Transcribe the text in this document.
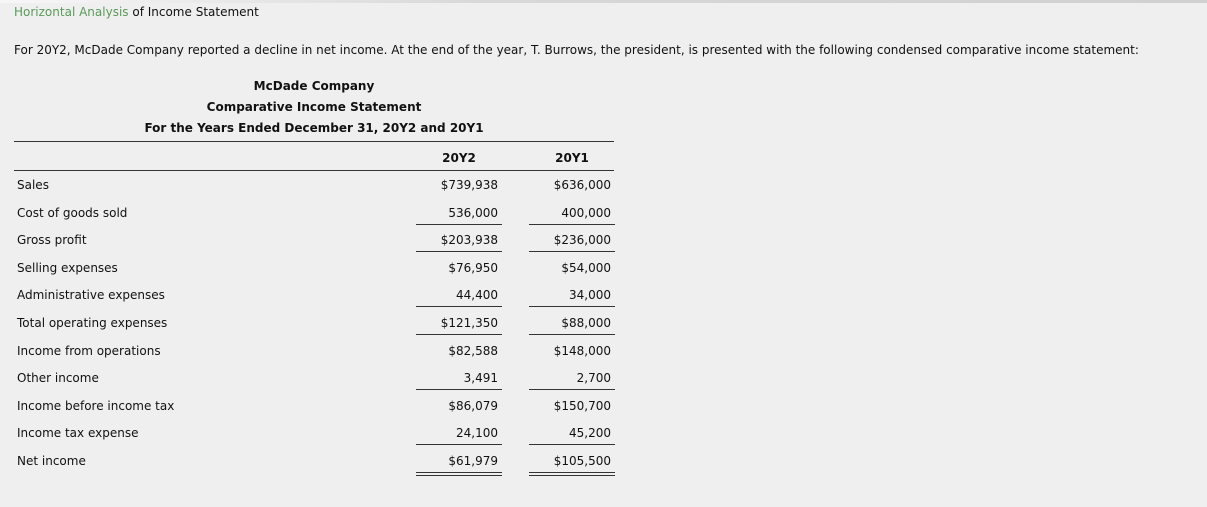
Horizontal Analysis of Income Statement
For 20Y2, McDade Company reported a decline in net income. At the end of the year, T. Burrows, the president, is presented with the following condensed comparative income statement:
McDade Company
Comparative Income Statement
For the Years Ended December 31, 20Y2 and 20Y1
20Y2	20Y1
Sales	$739,938	$636,000
Cost of goods sold	536,000	400,000
Gross profit	$203,938	$236,000
Selling expenses	$76,950	$54,000
Administrative expenses	44,400	34,000
Total operating expenses	$121,350	$88,000
Income from operations	$82,588	$148,000
Other income	3,491	2,700
Income before income tax	$86,079	$150,700
Income tax expense	24,100	45,200
Net income	$61,979	$105,500
